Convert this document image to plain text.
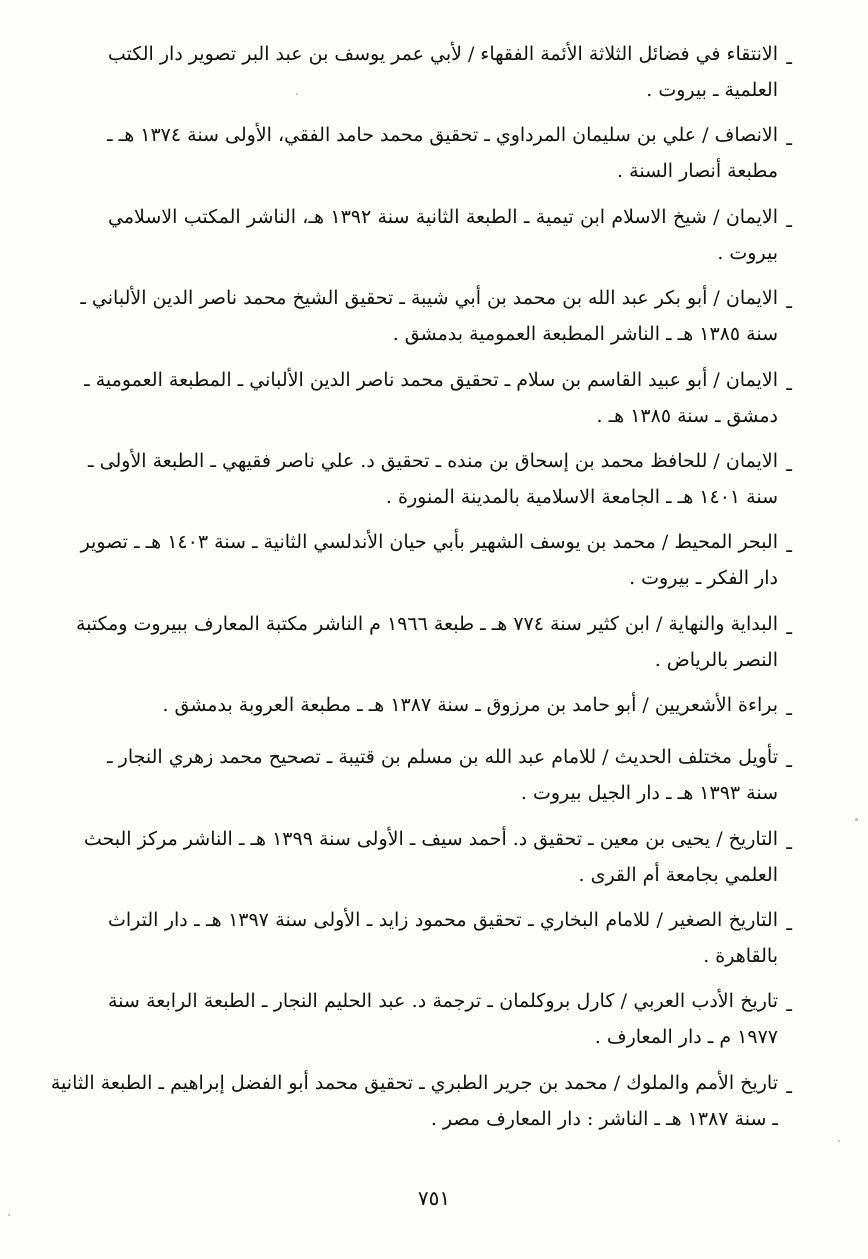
ـ
الانتقاء في فضائل الثلاثة الأئمة الفقهاء / لأبي عمر يوسف بن عبد البر تصوير دار الكتب
العلمية ـ بيروت .
ـ
الانصاف / علي بن سليمان المرداوي ـ تحقيق محمد حامد الفقي، الأولى سنة ١٣٧٤ هـ ـ
مطبعة أنصار السنة .
ـ
الايمان / شيخ الاسلام ابن تيمية ـ الطبعة الثانية سنة ١٣٩٢ هـ، الناشر المكتب الاسلامي
بيروت .
ـ
الايمان / أبو بكر عبد الله بن محمد بن أبي شيبة ـ تحقيق الشيخ محمد ناصر الدين الألباني ـ
سنة ١٣٨٥ هـ ـ الناشر المطبعة العمومية بدمشق .
ـ
الايمان / أبو عبيد القاسم بن سلام ـ تحقيق محمد ناصر الدين الألباني ـ المطبعة العمومية ـ
دمشق ـ سنة ١٣٨٥ هـ .
ـ
الايمان / للحافظ محمد بن إسحاق بن منده ـ تحقيق د. علي ناصر فقيهي ـ الطبعة الأولى ـ
سنة ١٤٠١ هـ ـ الجامعة الاسلامية بالمدينة المنورة .
ـ
البحر المحيط / محمد بن يوسف الشهير بأبي حيان الأندلسي الثانية ـ سنة ١٤٠٣ هـ ـ تصوير
دار الفكر ـ بيروت .
ـ
البداية والنهاية / ابن كثير سنة ٧٧٤ هـ ـ طبعة ١٩٦٦ م الناشر مكتبة المعارف ببيروت ومكتبة
النصر بالرياض .
ـ
براءة الأشعريين / أبو حامد بن مرزوق ـ سنة ١٣٨٧ هـ ـ مطبعة العروبة بدمشق .
ـ
تأويل مختلف الحديث / للامام عبد الله بن مسلم بن قتيبة ـ تصحيح محمد زهري النجار ـ
سنة ١٣٩٣ هـ ـ دار الجيل بيروت .
ـ
التاريخ / يحيى بن معين ـ تحقيق د. أحمد سيف ـ الأولى سنة ١٣٩٩ هـ ـ الناشر مركز البحث
العلمي بجامعة أم القرى .
ـ
التاريخ الصغير / للامام البخاري ـ تحقيق محمود زايد ـ الأولى سنة ١٣٩٧ هـ ـ دار التراث
بالقاهرة .
ـ
تاريخ الأدب العربي / كارل بروكلمان ـ ترجمة د. عبد الحليم النجار ـ الطبعة الرابعة سنة
١٩٧٧ م ـ دار المعارف .
ـ
تاريخ الأمم والملوك / محمد بن جرير الطبري ـ تحقيق محمد أبو الفضل إبراهيم ـ الطبعة الثانية
ـ سنة ١٣٨٧ هـ ـ الناشر : دار المعارف مصر .
٧٥١
